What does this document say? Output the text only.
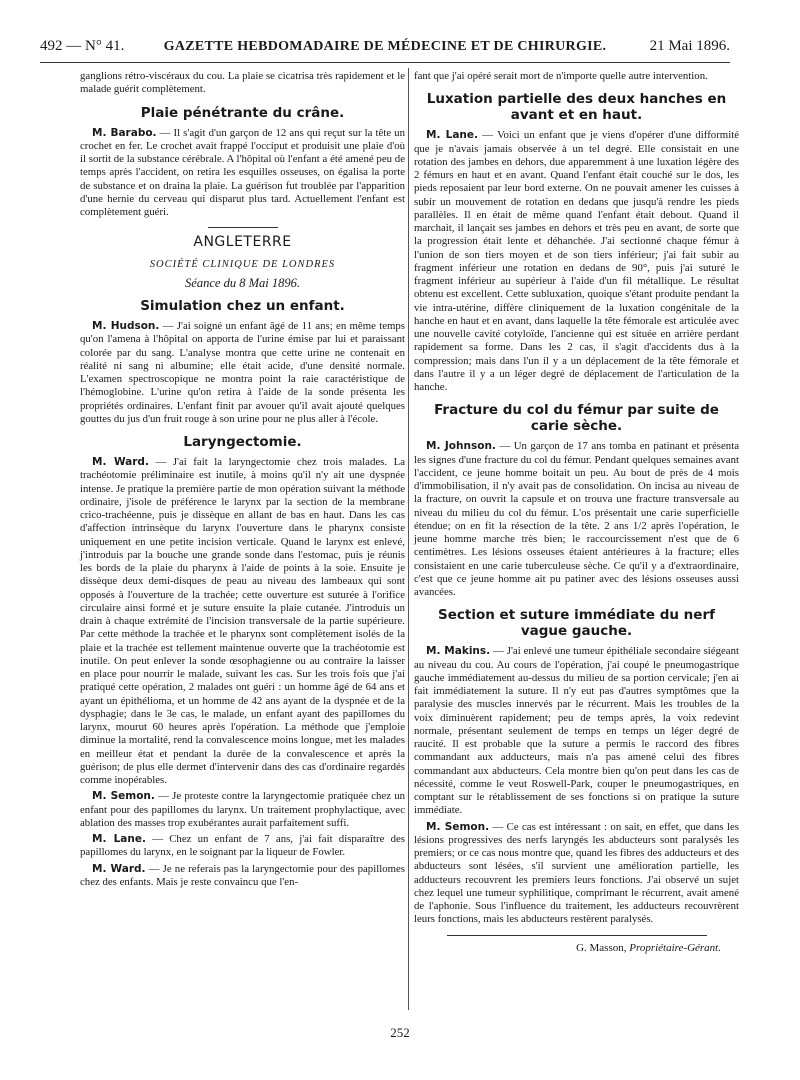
492 — N° 41.	GAZETTE HEBDOMADAIRE DE MÉDECINE ET DE CHIRURGIE.	21 Mai 1896.

ganglions rétro-viscéraux du cou. La plaie se cicatrisa très rapidement et le malade guérit complètement.

Plaie pénétrante du crâne.

M. Barabo. — Il s'agit d'un garçon de 12 ans qui reçut sur la tête un crochet en fer. Le crochet avait frappé l'occiput et produisit une plaie d'où il sortit de la substance cérébrale. A l'hôpital où l'enfant a été amené peu de temps après l'accident, on retira les esquilles osseuses, on égalisa la porte de substance et on draina la plaie. La guérison fut troublée par l'apparition d'une hernie du cerveau qui disparut plus tard. Actuellement l'enfant est complètement guéri.

ANGLETERRE
SOCIÉTÉ CLINIQUE DE LONDRES
Séance du 8 Mai 1896.
Simulation chez un enfant.

M. Hudson. — J'ai soigné un enfant âgé de 11 ans; en même temps qu'on l'amena à l'hôpital on apporta de l'urine émise par lui et paraissant colorée par du sang. L'analyse montra que cette urine ne contenait en réalité ni sang ni albumine; elle était acide, d'une densité normale. L'examen spectroscopique ne montra point la raie caractéristique de l'hémoglobine. L'urine qu'on retira à l'aide de la sonde présenta les propriétés ordinaires. L'enfant finit par avouer qu'il avait ajouté quelques gouttes du jus d'un fruit rouge à son urine pour ne plus aller à l'école.

Laryngectomie.

M. Ward. — J'ai fait la laryngectomie chez trois malades. La trachéotomie préliminaire est inutile, à moins qu'il n'y ait une dyspnée intense. Je pratique la première partie de mon opération suivant la méthode ordinaire, j'isole de préférence le larynx par la section de la membrane crico-trachéenne, puis je dissèque en allant de bas en haut. Dans les cas d'affection intrinsèque du larynx l'ouverture dans le pharynx consiste uniquement en une petite incision verticale. Quand le larynx est enlevé, j'introduis par la bouche une grande sonde dans l'estomac, puis je réunis les bords de la plaie du pharynx à l'aide de points à la soie. Ensuite je dissèque deux demi-disques de peau au niveau des lambeaux qui sont opposés à l'ouverture de la trachée; cette ouverture est suturée à l'orifice circulaire ainsi formé et je suture ensuite la plaie cutanée. J'introduis un drain à chaque extrémité de l'incision transversale de la partie supérieure. Par cette méthode la trachée et le pharynx sont complètement isolés de la plaie et la trachée est tellement maintenue ouverte que la trachéotomie est inutile. On peut enlever la sonde œsophagienne ou au contraire la laisser en place pour nourrir le malade, suivant les cas. Sur les trois fois que j'ai pratiqué cette opération, 2 malades ont guéri : un homme âgé de 64 ans et ayant un épithélioma, et un homme de 42 ans ayant de la dyspnée et de la dysphagie; dans le 3e cas, le malade, un enfant ayant des papillomes du larynx, mourut 60 heures après l'opération. La méthode que j'emploie diminue la mortalité, rend la convalescence moins longue, met les malades en meilleur état et pendant la durée de la convalescence et après la guérison; de plus elle dermet d'intervenir dans des cas d'ordinaire regardés comme inopérables.

M. Semon. — Je proteste contre la laryngectomie pratiquée chez un enfant pour des papillomes du larynx. Un traitement prophylactique, avec ablation des masses trop exubérantes aurait parfaitement suffi.

M. Lane. — Chez un enfant de 7 ans, j'ai fait disparaître des papillomes du larynx, en le soignant par la liqueur de Fowler.

M. Ward. — Je ne referais pas la laryngectomie pour des papillomes chez des enfants. Mais je reste convaincu que l'en-

fant que j'ai opéré serait mort de n'importe quelle autre intervention.

Luxation partielle des deux hanches en avant et en haut.

M. Lane. — Voici un enfant que je viens d'opérer d'une difformité que je n'avais jamais observée à un tel degré. Elle consistait en une rotation des jambes en dehors, due apparemment à une luxation légère des 2 fémurs en haut et en avant. Quand l'enfant était couché sur le dos, les pieds reposaient par leur bord externe. On ne pouvait amener les cuisses à subir un mouvement de rotation en dedans que jusqu'à rendre les pieds parallèles. Il en était de même quand l'enfant était debout. Quand il marchait, il lançait ses jambes en dehors et très peu en avant, de sorte que la progression était lente et déhanchée. J'ai sectionné chaque fémur à l'union de son tiers moyen et de son tiers inférieur; j'ai fait subir au fragment inférieur une rotation en dedans de 90°, puis j'ai suturé le fragment inférieur au supérieur à l'aide d'un fil métallique. Le résultat obtenu est excellent. Cette subluxation, quoique s'étant produite pendant la vie intra-utérine, diffère cliniquement de la luxation congénitale de la hanche en haut et en avant, dans laquelle la tête fémorale est articulée avec une nouvelle cavité cotyloïde, l'ancienne qui est située en arrière perdant rapidement sa forme. Dans les 2 cas, il s'agit d'accidents dus à la compression; mais dans l'un il y a un déplacement de la tête fémorale et dans l'autre il y a un léger degré de déplacement de l'articulation de la hanche.

Fracture du col du fémur par suite de carie sèche.

M. Johnson. — Un garçon de 17 ans tomba en patinant et présenta les signes d'une fracture du col du fémur. Pendant quelques semaines avant l'accident, ce jeune homme boitait un peu. Au bout de près de 4 mois d'immobilisation, il n'y avait pas de consolidation. On incisa au niveau de la fracture, on ouvrit la capsule et on trouva une fracture transversale au niveau du milieu du col du fémur. L'os présentait une carie superficielle étendue; on en fit la résection de la tête. 2 ans 1/2 après l'opération, le jeune homme marche très bien; le raccourcissement n'est que de 6 centimètres. Les lésions osseuses étaient antérieures à la fracture; elles consistaient en une carie tuberculeuse sèche. Ce qu'il y a d'extraordinaire, c'est que ce jeune homme ait pu patiner avec des lésions osseuses aussi avancées.

Section et suture immédiate du nerf vague gauche.

M. Makins. — J'ai enlevé une tumeur épithéliale secondaire siégeant au niveau du cou. Au cours de l'opération, j'ai coupé le pneumogastrique gauche immédiatement au-dessus du milieu de sa portion cervicale; j'en ai fait immédiatement la suture. Il n'y eut pas d'autres symptômes que la paralysie des muscles innervés par le récurrent. Mais les troubles de la voix diminuèrent rapidement; peu de temps après, la voix redevint normale, présentant seulement de temps en temps un léger degré de raucité. Il est probable que la suture a permis le raccord des fibres commandant aux adducteurs, mais n'a pas amené celui des fibres commandant aux abducteurs. Cela montre bien qu'on peut dans les cas de nécessité, comme le veut Roswell-Park, couper le pneumogastriques, en comptant sur le rétablissement de ses fonctions si on pratique la suture immédiate.

M. Semon. — Ce cas est intéressant : on sait, en effet, que dans les lésions progressives des nerfs laryngés les abducteurs sont paralysés les premiers; or ce cas nous montre que, quand les fibres des adducteurs et des abducteurs sont lésées, s'il survient une amélioration partielle, les adducteurs recouvrent les premiers leurs fonctions. J'ai observé un sujet chez lequel une tumeur syphilitique, comprimant le récurrent, avait amené de l'aphonie. Sous l'influence du traitement, les adducteurs recouvrèrent leurs fonctions, mais les abducteurs restèrent paralysés.

G. Masson, Propriétaire-Gérant.
252
